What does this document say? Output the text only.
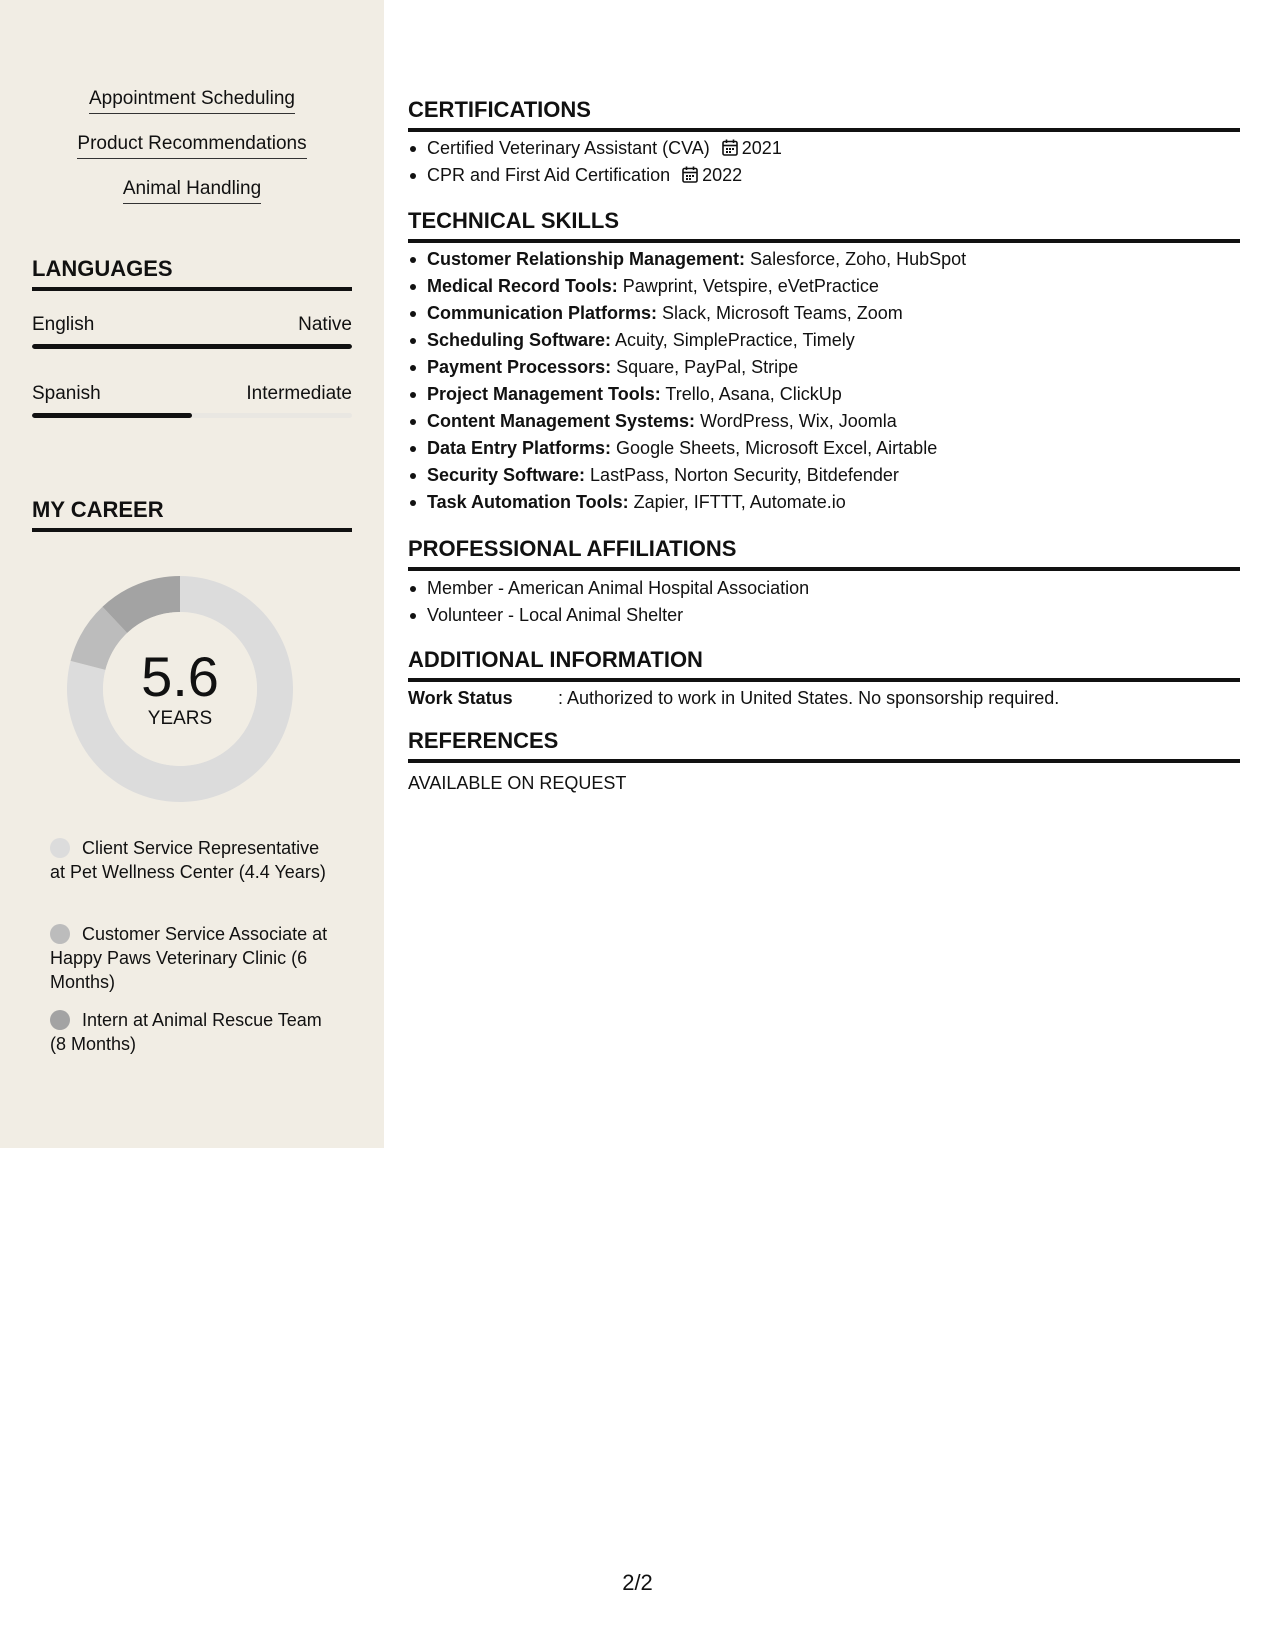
Appointment Scheduling
Product Recommendations
Animal Handling
LANGUAGES
English	Native
Spanish	Intermediate
MY CAREER
5.6
YEARS
Client Service Representative at Pet Wellness Center (4.4 Years)
Customer Service Associate at Happy Paws Veterinary Clinic (6 Months)
Intern at Animal Rescue Team (8 Months)
CERTIFICATIONS
Certified Veterinary Assistant (CVA) 2021
CPR and First Aid Certification 2022
TECHNICAL SKILLS
Customer Relationship Management: Salesforce, Zoho, HubSpot
Medical Record Tools: Pawprint, Vetspire, eVetPractice
Communication Platforms: Slack, Microsoft Teams, Zoom
Scheduling Software: Acuity, SimplePractice, Timely
Payment Processors: Square, PayPal, Stripe
Project Management Tools: Trello, Asana, ClickUp
Content Management Systems: WordPress, Wix, Joomla
Data Entry Platforms: Google Sheets, Microsoft Excel, Airtable
Security Software: LastPass, Norton Security, Bitdefender
Task Automation Tools: Zapier, IFTTT, Automate.io
PROFESSIONAL AFFILIATIONS
Member - American Animal Hospital Association
Volunteer - Local Animal Shelter
ADDITIONAL INFORMATION
Work Status	: Authorized to work in United States. No sponsorship required.
REFERENCES
AVAILABLE ON REQUEST
2/2
